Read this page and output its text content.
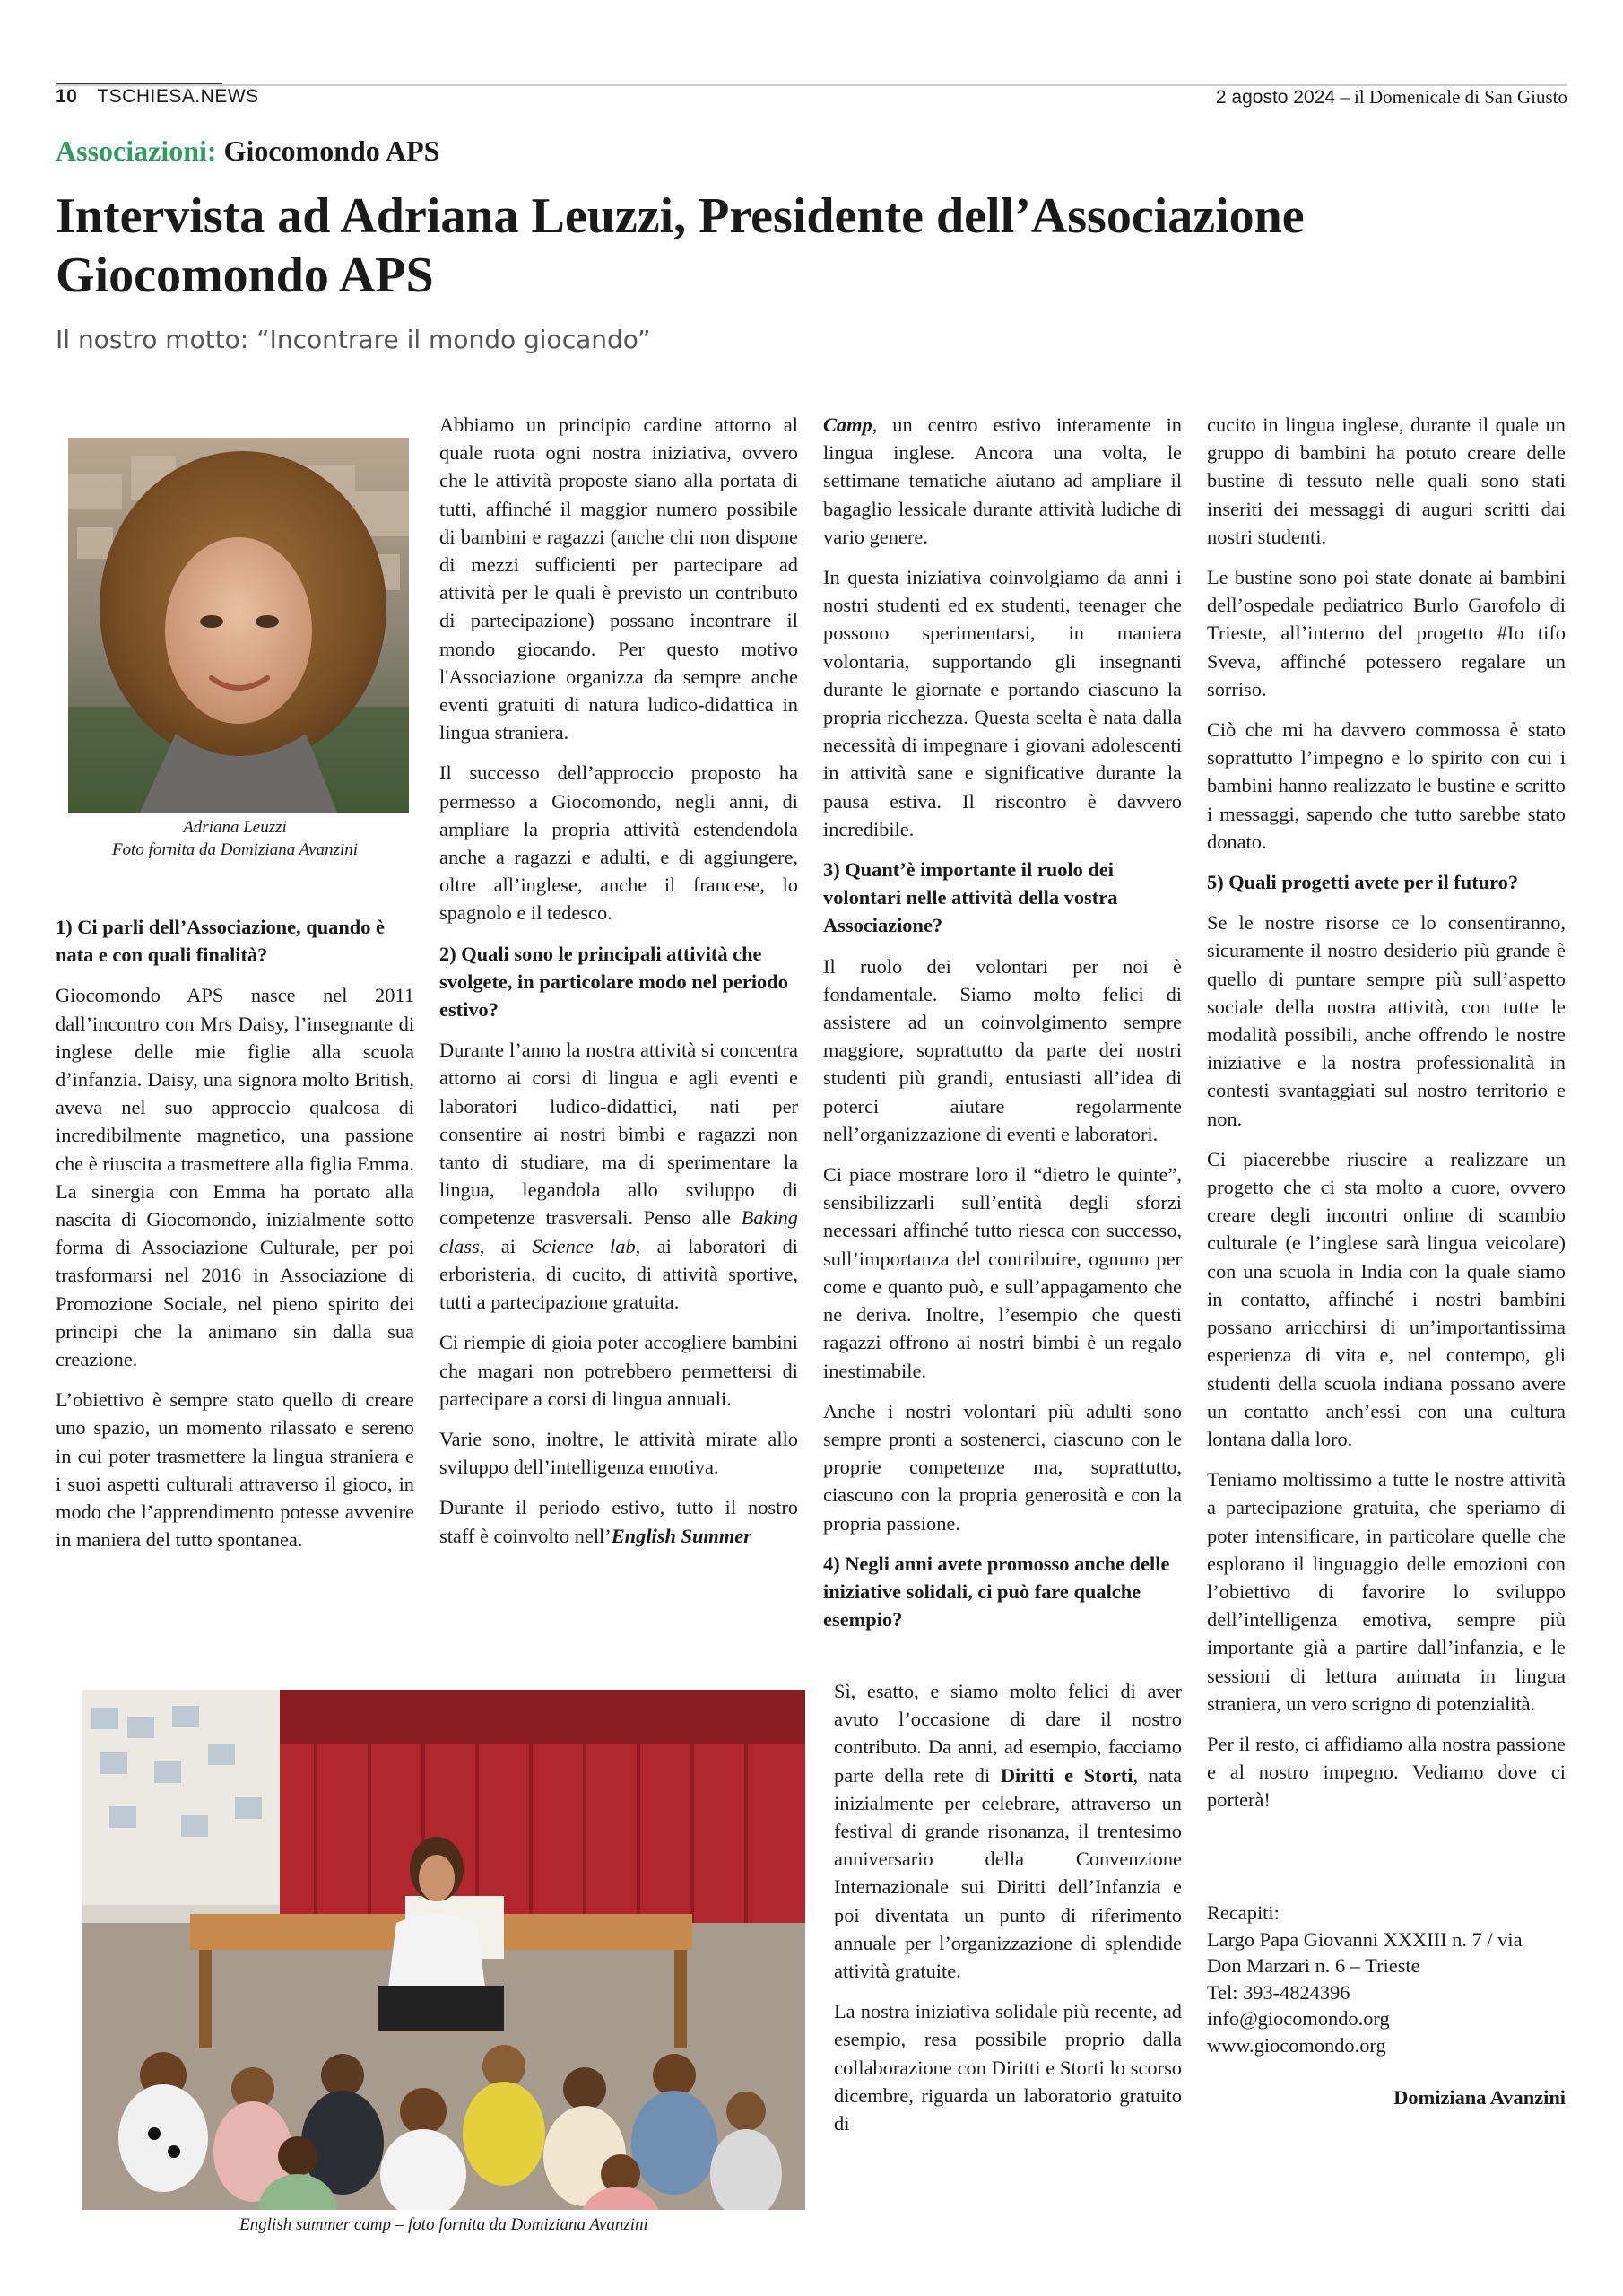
10 TSCHIESA.NEWS	2 agosto 2024 – il Domenicale di San Giusto
Associazioni: Giocomondo APS
Intervista ad Adriana Leuzzi, Presidente dell’Associazione
Giocomondo APS
Il nostro motto: “Incontrare il mondo giocando”
Adriana Leuzzi
Foto fornita da Domiziana Avanzini

1) Ci parli dell’Associazione, quando è nata e con quali finalità?

Giocomondo APS nasce nel 2011 dall’incontro con Mrs Daisy, l’insegnante di inglese delle mie figlie alla scuola d’infanzia. Daisy, una signora molto British, aveva nel suo approccio qualcosa di incredibilmente magnetico, una passione che è riuscita a trasmettere alla figlia Emma. La sinergia con Emma ha portato alla nascita di Giocomondo, inizialmente sotto forma di Associazione Culturale, per poi trasformarsi nel 2016 in Associazione di Promozione Sociale, nel pieno spirito dei principi che la animano sin dalla sua creazione.

L’obiettivo è sempre stato quello di creare uno spazio, un momento rilassato e sereno in cui poter trasmettere la lingua straniera e i suoi aspetti culturali attraverso il gioco, in modo che l’apprendimento potesse avvenire in maniera del tutto spontanea.

Abbiamo un principio cardine attorno al quale ruota ogni nostra iniziativa, ovvero che le attività proposte siano alla portata di tutti, affinché il maggior numero possibile di bambini e ragazzi (anche chi non dispone di mezzi sufficienti per partecipare ad attività per le quali è previsto un contributo di partecipazione) possano incontrare il mondo giocando. Per questo motivo l'Associazione organizza da sempre anche eventi gratuiti di natura ludico-didattica in lingua straniera.

Il successo dell’approccio proposto ha permesso a Giocomondo, negli anni, di ampliare la propria attività estendendola anche a ragazzi e adulti, e di aggiungere, oltre all’inglese, anche il francese, lo spagnolo e il tedesco.

2) Quali sono le principali attività che svolgete, in particolare modo nel periodo estivo?

Durante l’anno la nostra attività si concentra attorno ai corsi di lingua e agli eventi e laboratori ludico-didattici, nati per consentire ai nostri bimbi e ragazzi non tanto di studiare, ma di sperimentare la lingua, legandola allo sviluppo di competenze trasversali. Penso alle Baking class, ai Science lab, ai laboratori di erboristeria, di cucito, di attività sportive, tutti a partecipazione gratuita.

Ci riempie di gioia poter accogliere bambini che magari non potrebbero permettersi di partecipare a corsi di lingua annuali.

Varie sono, inoltre, le attività mirate allo sviluppo dell’intelligenza emotiva.

Durante il periodo estivo, tutto il nostro staff è coinvolto nell’English Summer

English summer camp – foto fornita da Domiziana Avanzini

Camp, un centro estivo interamente in lingua inglese. Ancora una volta, le settimane tematiche aiutano ad ampliare il bagaglio lessicale durante attività ludiche di vario genere.

In questa iniziativa coinvolgiamo da anni i nostri studenti ed ex studenti, teenager che possono sperimentarsi, in maniera volontaria, supportando gli insegnanti durante le giornate e portando ciascuno la propria ricchezza. Questa scelta è nata dalla necessità di impegnare i giovani adolescenti in attività sane e significative durante la pausa estiva. Il riscontro è davvero incredibile.

3) Quant’è importante il ruolo dei volontari nelle attività della vostra Associazione?

Il ruolo dei volontari per noi è fondamentale. Siamo molto felici di assistere ad un coinvolgimento sempre maggiore, soprattutto da parte dei nostri studenti più grandi, entusiasti all’idea di poterci aiutare regolarmente nell’organizzazione di eventi e laboratori.

Ci piace mostrare loro il “dietro le quinte”, sensibilizzarli sull’entità degli sforzi necessari affinché tutto riesca con successo, sull’importanza del contribuire, ognuno per come e quanto può, e sull’appagamento che ne deriva. Inoltre, l’esempio che questi ragazzi offrono ai nostri bimbi è un regalo inestimabile.

Anche i nostri volontari più adulti sono sempre pronti a sostenerci, ciascuno con le proprie competenze ma, soprattutto, ciascuno con la propria generosità e con la propria passione.

4) Negli anni avete promosso anche delle iniziative solidali, ci può fare qualche esempio?

Sì, esatto, e siamo molto felici di aver avuto l’occasione di dare il nostro contributo. Da anni, ad esempio, facciamo parte della rete di Diritti e Storti, nata inizialmente per celebrare, attraverso un festival di grande risonanza, il trentesimo anniversario della Convenzione Internazionale sui Diritti dell’Infanzia e poi diventata un punto di riferimento annuale per l’organizzazione di splendide attività gratuite.

La nostra iniziativa solidale più recente, ad esempio, resa possibile proprio dalla collaborazione con Diritti e Storti lo scorso dicembre, riguarda un laboratorio gratuito di

cucito in lingua inglese, durante il quale un gruppo di bambini ha potuto creare delle bustine di tessuto nelle quali sono stati inseriti dei messaggi di auguri scritti dai nostri studenti.

Le bustine sono poi state donate ai bambini dell’ospedale pediatrico Burlo Garofolo di Trieste, all’interno del progetto #Io tifo Sveva, affinché potessero regalare un sorriso.

Ciò che mi ha davvero commossa è stato soprattutto l’impegno e lo spirito con cui i bambini hanno realizzato le bustine e scritto i messaggi, sapendo che tutto sarebbe stato donato.

5) Quali progetti avete per il futuro?

Se le nostre risorse ce lo consentiranno, sicuramente il nostro desiderio più grande è quello di puntare sempre più sull’aspetto sociale della nostra attività, con tutte le modalità possibili, anche offrendo le nostre iniziative e la nostra professionalità in contesti svantaggiati sul nostro territorio e non.

Ci piacerebbe riuscire a realizzare un progetto che ci sta molto a cuore, ovvero creare degli incontri online di scambio culturale (e l’inglese sarà lingua veicolare) con una scuola in India con la quale siamo in contatto, affinché i nostri bambini possano arricchirsi di un’importantissima esperienza di vita e, nel contempo, gli studenti della scuola indiana possano avere un contatto anch’essi con una cultura lontana dalla loro.

Teniamo moltissimo a tutte le nostre attività a partecipazione gratuita, che speriamo di poter intensificare, in particolare quelle che esplorano il linguaggio delle emozioni con l’obiettivo di favorire lo sviluppo dell’intelligenza emotiva, sempre più importante già a partire dall’infanzia, e le sessioni di lettura animata in lingua straniera, un vero scrigno di potenzialità.

Per il resto, ci affidiamo alla nostra passione e al nostro impegno. Vediamo dove ci porterà!

Recapiti:
Largo Papa Giovanni XXXIII n. 7 / via
Don Marzari n. 6 – Trieste
Tel: 393-4824396
info@giocomondo.org
www.giocomondo.org
Domiziana Avanzini
